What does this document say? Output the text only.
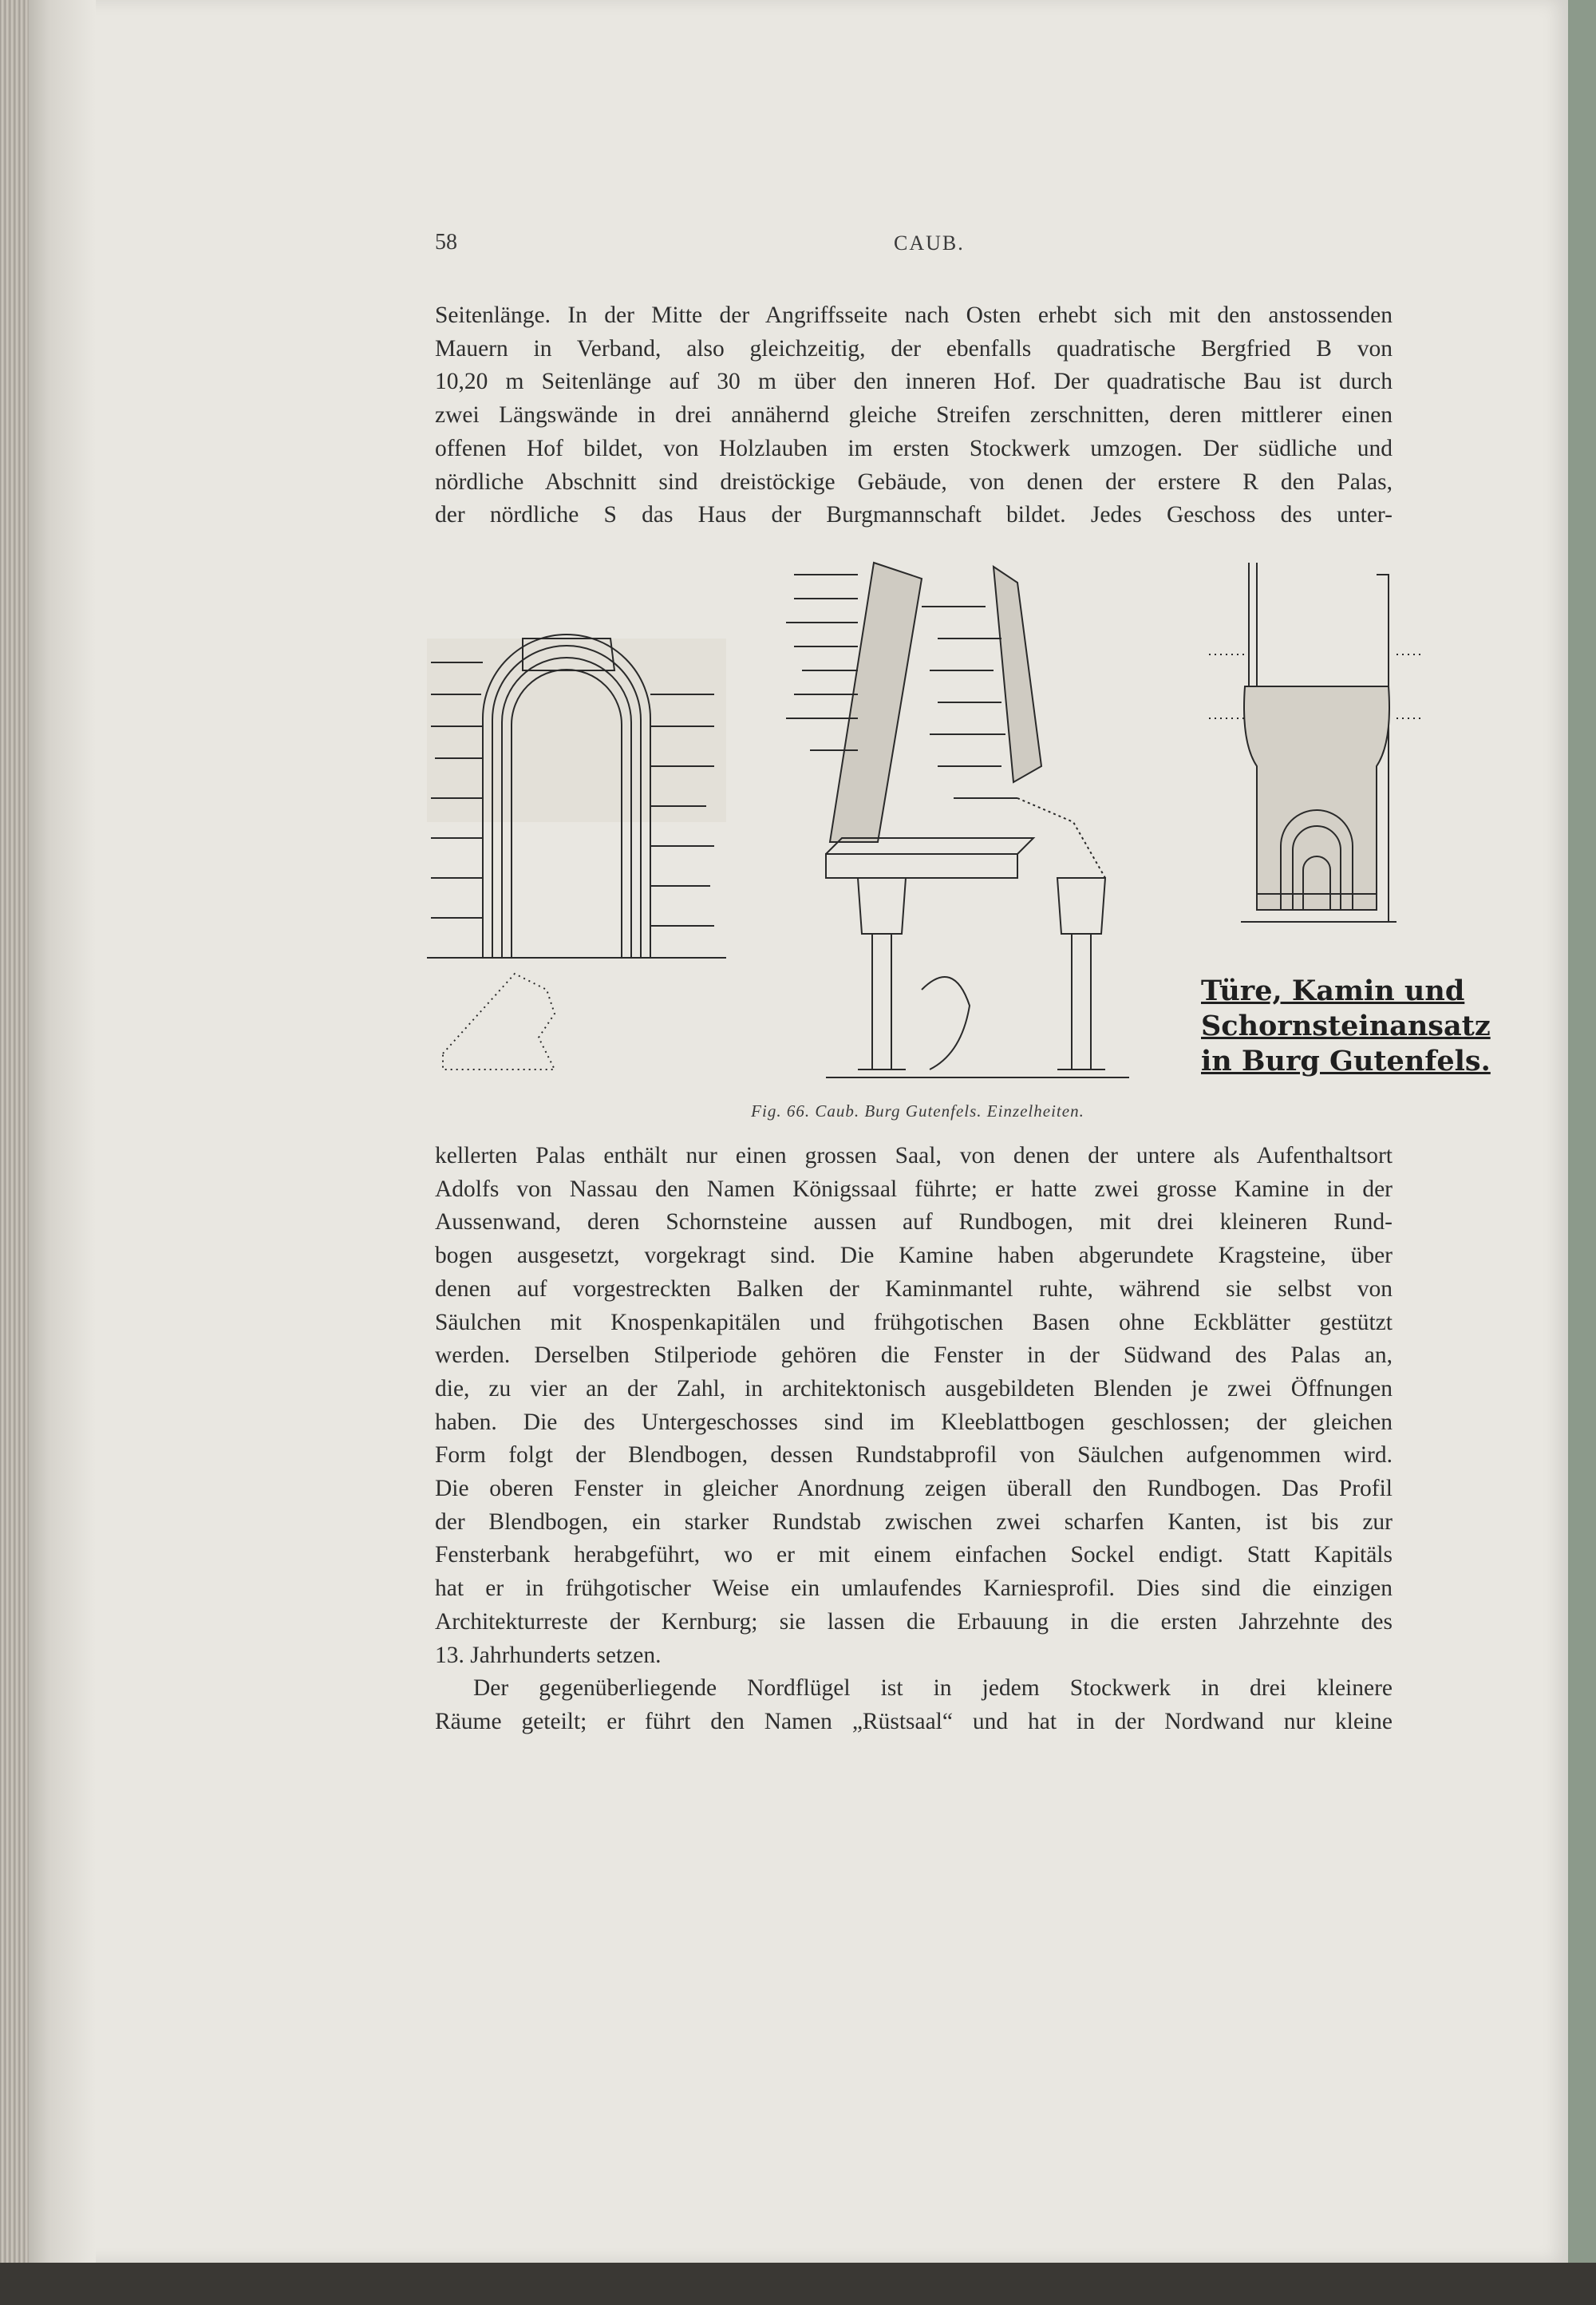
58	CAUB.

Seitenlänge. In der Mitte der Angriffsseite nach Osten erhebt sich mit den anstossenden

Mauern in Verband, also gleichzeitig, der ebenfalls quadratische Bergfried B von

10,20 m Seitenlänge auf 30 m über den inneren Hof. Der quadratische Bau ist durch

zwei Längswände in drei annähernd gleiche Streifen zerschnitten, deren mittlerer einen

offenen Hof bildet, von Holzlauben im ersten Stockwerk umzogen. Der südliche und

nördliche Abschnitt sind dreistöckige Gebäude, von denen der erstere R den Palas,

der nördliche S das Haus der Burgmannschaft bildet. Jedes Geschoss des unter-

Türe, Kamin und
Schornsteinansatz
in Burg Gutenfels.
Fig. 66. Caub. Burg Gutenfels. Einzelheiten.

kellerten Palas enthält nur einen grossen Saal, von denen der untere als Aufenthaltsort

Adolfs von Nassau den Namen Königssaal führte; er hatte zwei grosse Kamine in der

Aussenwand, deren Schornsteine aussen auf Rundbogen, mit drei kleineren Rund-

bogen ausgesetzt, vorgekragt sind. Die Kamine haben abgerundete Kragsteine, über

denen auf vorgestreckten Balken der Kaminmantel ruhte, während sie selbst von

Säulchen mit Knospenkapitälen und frühgotischen Basen ohne Eckblätter gestützt

werden. Derselben Stilperiode gehören die Fenster in der Südwand des Palas an,

die, zu vier an der Zahl, in architektonisch ausgebildeten Blenden je zwei Öffnungen

haben. Die des Untergeschosses sind im Kleeblattbogen geschlossen; der gleichen

Form folgt der Blendbogen, dessen Rundstabprofil von Säulchen aufgenommen wird.

Die oberen Fenster in gleicher Anordnung zeigen überall den Rundbogen. Das Profil

der Blendbogen, ein starker Rundstab zwischen zwei scharfen Kanten, ist bis zur

Fensterbank herabgeführt, wo er mit einem einfachen Sockel endigt. Statt Kapitäls

hat er in frühgotischer Weise ein umlaufendes Karniesprofil. Dies sind die einzigen

Architekturreste der Kernburg; sie lassen die Erbauung in die ersten Jahrzehnte des

13. Jahrhunderts setzen.

Der gegenüberliegende Nordflügel ist in jedem Stockwerk in drei kleinere

Räume geteilt; er führt den Namen „Rüstsaal“ und hat in der Nordwand nur kleine
